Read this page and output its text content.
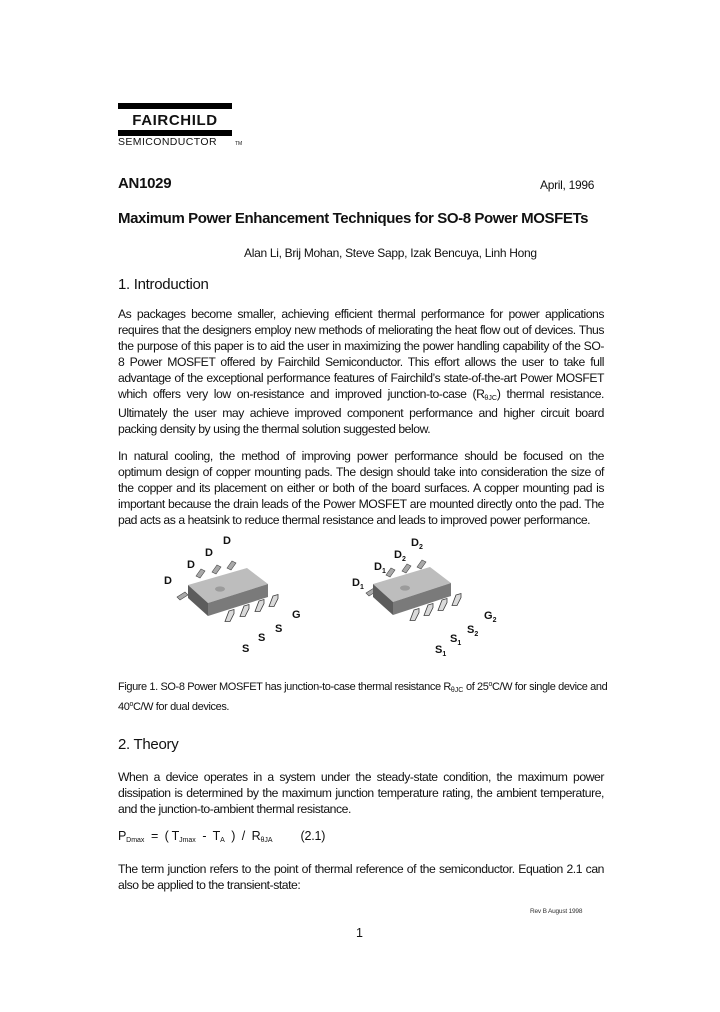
FAIRCHILD
SEMICONDUCTOR	TM
AN1029	April, 1996
Maximum Power Enhancement Techniques for SO-8 Power MOSFETs
Alan Li, Brij Mohan, Steve Sapp, Izak Bencuya, Linh Hong
1. Introduction

As packages become smaller, achieving efficient thermal performance for power applications requires that the designers employ new methods of meliorating the heat flow out of devices. Thus the purpose of this paper is to aid the user in maximizing the power handling capability of the SO-8 Power MOSFET offered by Fairchild Semiconductor. This effort allows the user to take full advantage of the exceptional performance features of Fairchild’s state-of-the-art Power MOSFET which offers very low on-resistance and improved junction-to-case $(R_{\theta JC})$ thermal resistance. Ultimately the user may achieve improved component performance and higher circuit board packing density by using the thermal solution suggested below.

In natural cooling, the method of improving power performance should be focused on the optimum design of copper mounting pads. The design should take into consideration the size of the copper and its placement on either or both of the board surfaces. A copper mounting pad is important because the drain leads of the Power MOSFET are mounted directly onto the pad. The pad acts as a heatsink to reduce thermal resistance and leads to improved power performance.

D
D
D
D
S
S
S
G
$D_1$
$D_1$
$D_2$
$D_2$
$S_1$
$S_1$
$S_2$
$G_2$

Figure 1. SO-8 Power MOSFET has junction-to-case thermal resistance $R_{\theta JC}$ of 25$^o$C/W for single device and 40$^o$C/W for dual devices.

2. Theory

When a device operates in a system under the steady-state condition, the maximum power dissipation is determined by the maximum junction temperature rating, the ambient temperature, and the junction-to-ambient thermal resistance.

$P_{Dmax}$  =  ( $T_{Jmax} - T_A$  )  /  $R_{\theta JA}$ (2.1)

The term junction refers to the point of thermal reference of the semiconductor. Equation 2.1 can also be applied to the transient-state:

Rev B August 1998
1
